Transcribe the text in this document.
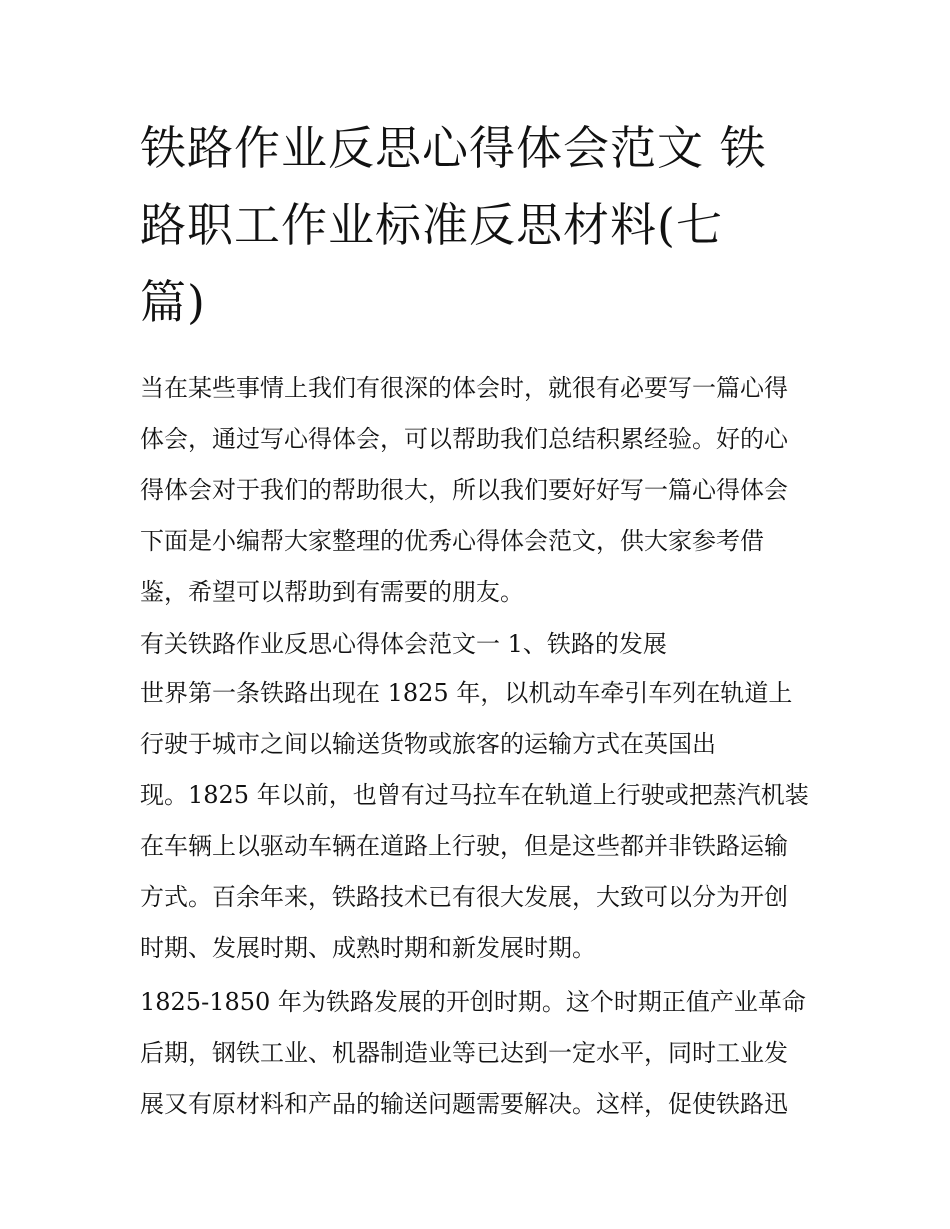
铁路作业反思心得体会范文 铁
路职工作业标准反思材料(七
篇)
当在某些事情上我们有很深的体会时，就很有必要写一篇心得
体会，通过写心得体会，可以帮助我们总结积累经验。好的心
得体会对于我们的帮助很大，所以我们要好好写一篇心得体会
下面是小编帮大家整理的优秀心得体会范文，供大家参考借
鉴，希望可以帮助到有需要的朋友。
有关铁路作业反思心得体会范文一 1、铁路的发展
世界第一条铁路出现在 1825 年，以机动车牵引车列在轨道上
行驶于城市之间以输送货物或旅客的运输方式在英国出
现。1825 年以前，也曾有过马拉车在轨道上行驶或把蒸汽机装
在车辆上以驱动车辆在道路上行驶，但是这些都并非铁路运输
方式。百余年来，铁路技术已有很大发展，大致可以分为开创
时期、发展时期、成熟时期和新发展时期。
1825-1850 年为铁路发展的开创时期。这个时期正值产业革命
后期，钢铁工业、机器制造业等已达到一定水平，同时工业发
展又有原材料和产品的输送问题需要解决。这样，促使铁路迅
